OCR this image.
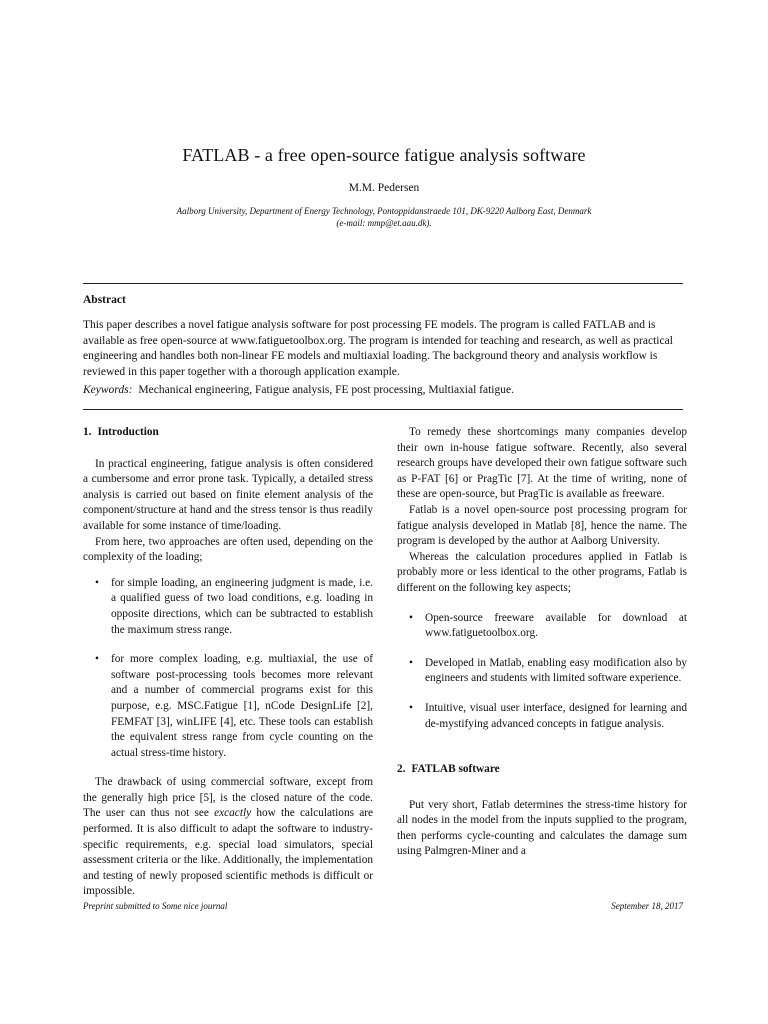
FATLAB - a free open-source fatigue analysis software
M.M. Pedersen
Aalborg University, Department of Energy Technology, Pontoppidanstraede 101, DK-9220 Aalborg East, Denmark
(e-mail: mmp@et.aau.dk).
Abstract
This paper describes a novel fatigue analysis software for post processing FE models. The program is called FATLAB and is available as free open-source at www.fatiguetoolbox.org. The program is intended for teaching and research, as well as practical engineering and handles both non-linear FE models and multiaxial loading. The background theory and analysis workflow is reviewed in this paper together with a thorough application example.
Keywords: Mechanical engineering, Fatigue analysis, FE post processing, Multiaxial fatigue.
1. Introduction

In practical engineering, fatigue analysis is often considered a cumbersome and error prone task. Typically, a detailed stress analysis is carried out based on finite element analysis of the component/structure at hand and the stress tensor is thus readily available for some instance of time/loading.

From here, two approaches are often used, depending on the complexity of the loading;

• for simple loading, an engineering judgment is made, i.e. a qualified guess of two load conditions, e.g. loading in opposite directions, which can be subtracted to establish the maximum stress range.
• for more complex loading, e.g. multiaxial, the use of software post-processing tools becomes more relevant and a number of commercial programs exist for this purpose, e.g. MSC.Fatigue [1], nCode DesignLife [2], FEMFAT [3], winLIFE [4], etc. These tools can establish the equivalent stress range from cycle counting on the actual stress-time history.

The drawback of using commercial software, except from the generally high price [5], is the closed nature of the code. The user can thus not see excactly how the calculations are performed. It is also difficult to adapt the software to industry-specific requirements, e.g. special load simulators, special assessment criteria or the like. Additionally, the implementation and testing of newly proposed scientific methods is difficult or impossible.

To remedy these shortcomings many companies develop their own in-house fatigue software. Recently, also several research groups have developed their own fatigue software such as P-FAT [6] or PragTic [7]. At the time of writing, none of these are open-source, but PragTic is available as freeware.

Fatlab is a novel open-source post processing program for fatigue analysis developed in Matlab [8], hence the name. The program is developed by the author at Aalborg University.

Whereas the calculation procedures applied in Fatlab is probably more or less identical to the other programs, Fatlab is different on the following key aspects;

• Open-source freeware available for download at www.fatiguetoolbox.org.
• Developed in Matlab, enabling easy modification also by engineers and students with limited software experience.
• Intuitive, visual user interface, designed for learning and de-mystifying advanced concepts in fatigue analysis.
2. FATLAB software

Put very short, Fatlab determines the stress-time history for all nodes in the model from the inputs supplied to the program, then performs cycle-counting and calculates the damage sum using Palmgren-Miner and a

Preprint submitted to Some nice journal	September 18, 2017
